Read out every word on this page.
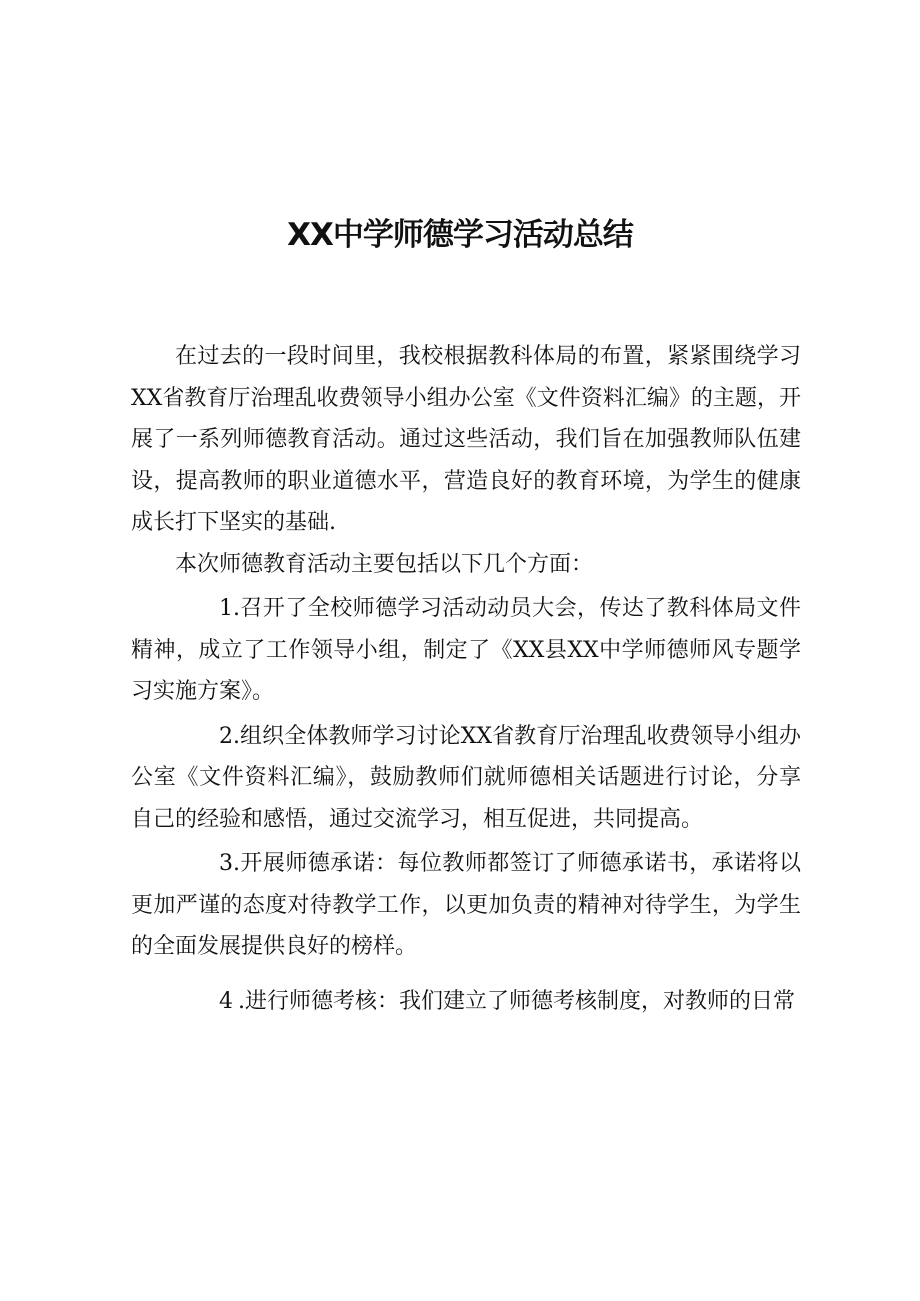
XX中学师德学习活动总结

在过去的一段时间里，我校根据教科体局的布置，紧紧围绕学习XX省教育厅治理乱收费领导小组办公室《文件资料汇编》的主题，开展了一系列师德教育活动。通过这些活动，我们旨在加强教师队伍建设，提高教师的职业道德水平，营造良好的教育环境，为学生的健康成长打下坚实的基础.

本次师德教育活动主要包括以下几个方面：

1.召开了全校师德学习活动动员大会，传达了教科体局文件精神，成立了工作领导小组，制定了《XX县XX中学师德师风专题学习实施方案》。

2.组织全体教师学习讨论XX省教育厅治理乱收费领导小组办公室《文件资料汇编》，鼓励教师们就师德相关话题进行讨论，分享自己的经验和感悟，通过交流学习，相互促进，共同提高。

3.开展师德承诺：每位教师都签订了师德承诺书，承诺将以更加严谨的态度对待教学工作，以更加负责的精神对待学生，为学生的全面发展提供良好的榜样。

4 .进行师德考核：我们建立了师德考核制度，对教师的日常
